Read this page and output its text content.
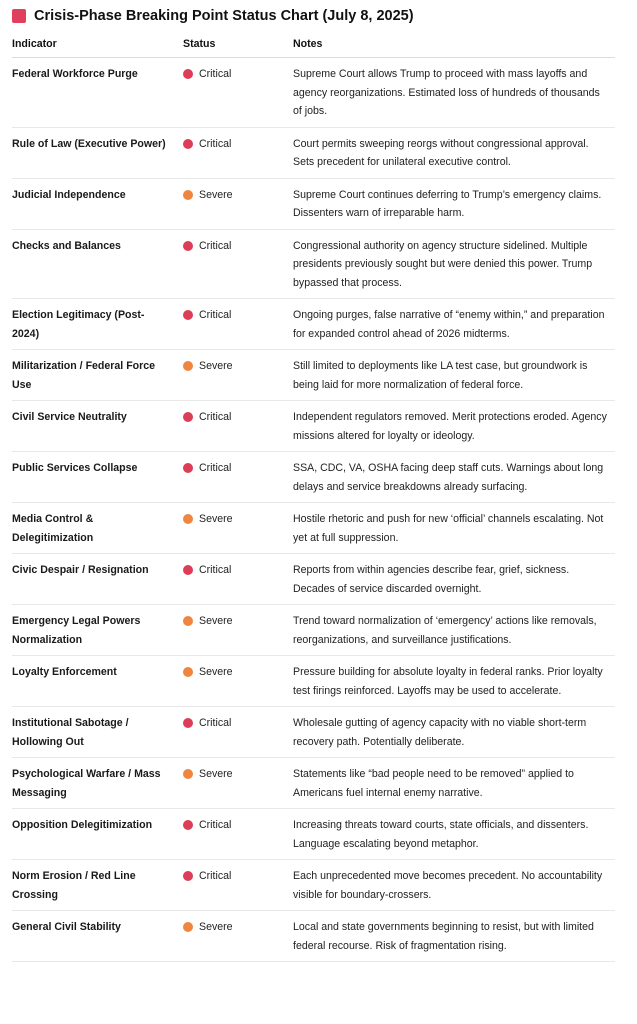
Crisis-Phase Breaking Point Status Chart (July 8, 2025)
Indicator	Status	Notes
Federal Workforce Purge	Critical	Supreme Court allows Trump to proceed with mass layoffs and agency reorganizations. Estimated loss of hundreds of thousands of jobs.
Rule of Law (Executive Power)	Critical	Court permits sweeping reorgs without congressional approval. Sets precedent for unilateral executive control.
Judicial Independence	Severe	Supreme Court continues deferring to Trump’s emergency claims. Dissenters warn of irreparable harm.
Checks and Balances	Critical	Congressional authority on agency structure sidelined. Multiple presidents previously sought but were denied this power. Trump bypassed that process.
Election Legitimacy (Post-2024)	Critical	Ongoing purges, false narrative of “enemy within,” and preparation for expanded control ahead of 2026 midterms.
Militarization / Federal Force Use	Severe	Still limited to deployments like LA test case, but groundwork is being laid for more normalization of federal force.
Civil Service Neutrality	Critical	Independent regulators removed. Merit protections eroded. Agency missions altered for loyalty or ideology.
Public Services Collapse	Critical	SSA, CDC, VA, OSHA facing deep staff cuts. Warnings about long delays and service breakdowns already surfacing.
Media Control & Delegitimization	Severe	Hostile rhetoric and push for new ‘official’ channels escalating. Not yet at full suppression.
Civic Despair / Resignation	Critical	Reports from within agencies describe fear, grief, sickness. Decades of service discarded overnight.
Emergency Legal Powers Normalization	Severe	Trend toward normalization of ‘emergency’ actions like removals, reorganizations, and surveillance justifications.
Loyalty Enforcement	Severe	Pressure building for absolute loyalty in federal ranks. Prior loyalty test firings reinforced. Layoffs may be used to accelerate.
Institutional Sabotage / Hollowing Out	Critical	Wholesale gutting of agency capacity with no viable short-term recovery path. Potentially deliberate.
Psychological Warfare / Mass Messaging	Severe	Statements like “bad people need to be removed” applied to Americans fuel internal enemy narrative.
Opposition Delegitimization	Critical	Increasing threats toward courts, state officials, and dissenters. Language escalating beyond metaphor.
Norm Erosion / Red Line Crossing	Critical	Each unprecedented move becomes precedent. No accountability visible for boundary-crossers.
General Civil Stability	Severe	Local and state governments beginning to resist, but with limited federal recourse. Risk of fragmentation rising.
